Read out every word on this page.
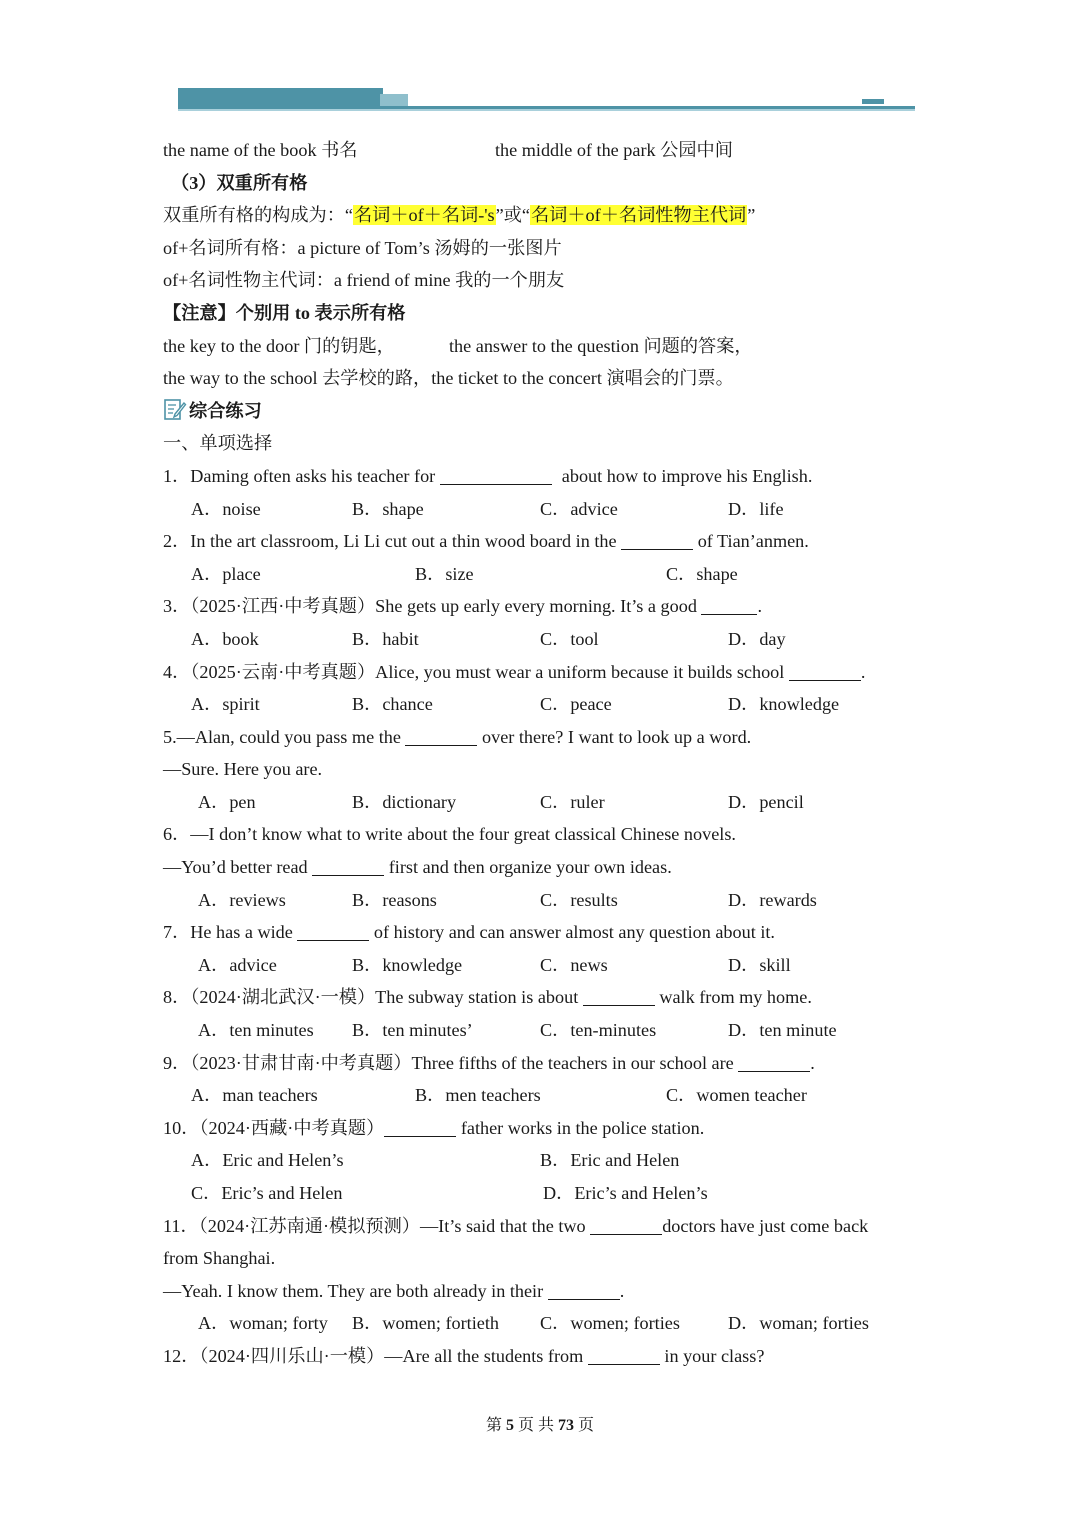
the name of the book 书名	the middle of the park 公园中间
（3）双重所有格
双重所有格的构成为：“名词＋of＋名词-'s”或“名词＋of＋名词性物主代词”
of+名词所有格：a picture of Tom’s 汤姆的一张图片
of+名词性物主代词：a friend of mine 我的一个朋友
【注意】个别用 to 表示所有格
the key to the door 门的钥匙，	the answer to the question 问题的答案，
the way to the school 去学校的路，the ticket to the concert 演唱会的门票。
综合练习
一、单项选择
1．Daming often asks his teacher for	about how to improve his English.
A．noise	B．shape	C．advice	D．life
2．In the art classroom, Li Li cut out a thin wood board in the	of Tian’anmen.
A．place	B．size	C．shape
3．（2025·江西·中考真题）She gets up early every morning. It’s a good	.
A．book	B．habit	C．tool	D．day
4．（2025·云南·中考真题）Alice, you must wear a uniform because it builds school	.
A．spirit	B．chance	C．peace	D．knowledge
5.—Alan, could you pass me the	over there? I want to look up a word.
—Sure. Here you are.
A．pen	B．dictionary	C．ruler	D．pencil
6．—I don’t know what to write about the four great classical Chinese novels.
—You’d better read	first and then organize your own ideas.
A．reviews	B．reasons	C．results	D．rewards
7．He has a wide	of history and can answer almost any question about it.
A．advice	B．knowledge	C．news	D．skill
8．（2024·湖北武汉·一模）The subway station is about	walk from my home.
A．ten minutes B．ten minutes’	C．ten-minutes	D．ten minute
9．（2023·甘肃甘南·中考真题）Three fifths of the teachers in our school are	.
A．man teachers	B．men teachers	C．women teacher
10．（2024·西藏·中考真题）	father works in the police station.
A．Eric and Helen’s	B．Eric and Helen
C．Eric’s and Helen	D．Eric’s and Helen’s
11．（2024·江苏南通·模拟预测）—It’s said that the two	doctors have just come back
from Shanghai.
—Yeah. I know them. They are both already in their	.
A．woman; forty B．women; fortieth C．women; forties	D．woman; forties
12．（2024·四川乐山·一模）—Are all the students from	in your class?
第 5 页 共 73 页
